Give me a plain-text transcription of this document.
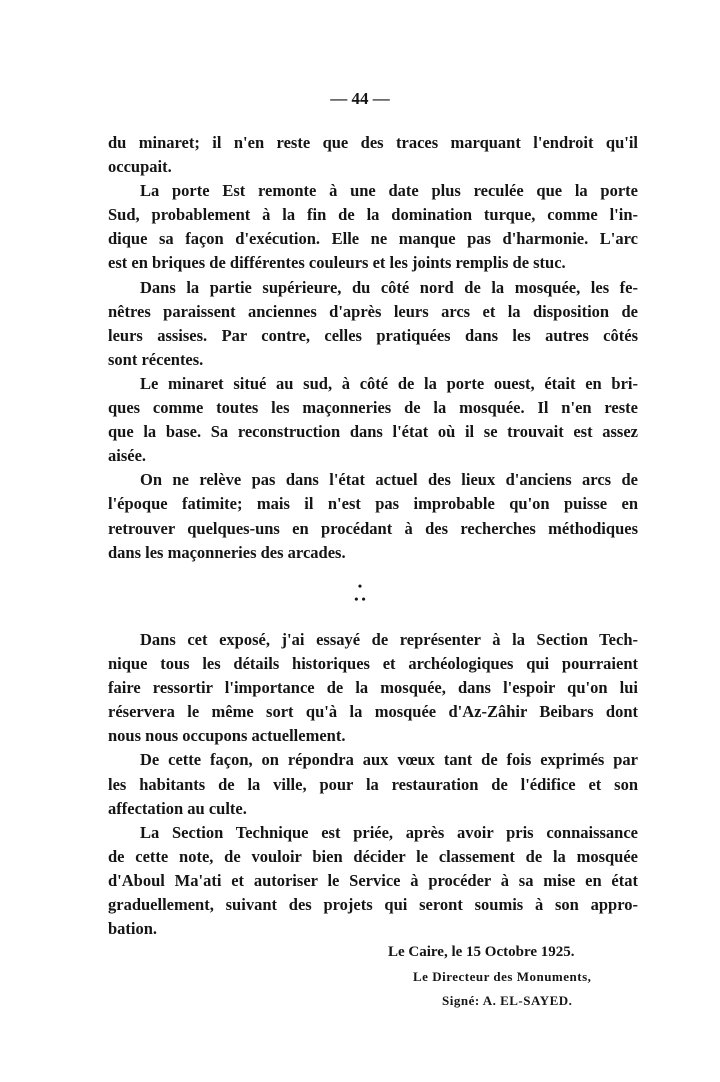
— 44 —
du minaret; il n'en reste que des traces marquant l'endroit qu'il
occupait.
La porte Est remonte à une date plus reculée que la porte
Sud, probablement à la fin de la domination turque, comme l'in-
dique sa façon d'exécution. Elle ne manque pas d'harmonie. L'arc
est en briques de différentes couleurs et les joints remplis de stuc.
Dans la partie supérieure, du côté nord de la mosquée, les fe-
nêtres paraissent anciennes d'après leurs arcs et la disposition de
leurs assises. Par contre, celles pratiquées dans les autres côtés
sont récentes.
Le minaret situé au sud, à côté de la porte ouest, était en bri-
ques comme toutes les maçonneries de la mosquée. Il n'en reste
que la base. Sa reconstruction dans l'état où il se trouvait est assez
aisée.
On ne relève pas dans l'état actuel des lieux d'anciens arcs de
l'époque fatimite; mais il n'est pas improbable qu'on puisse en
retrouver quelques-uns en procédant à des recherches méthodiques
dans les maçonneries des arcades.
•
• •
Dans cet exposé, j'ai essayé de représenter à la Section Tech-
nique tous les détails historiques et archéologiques qui pourraient
faire ressortir l'importance de la mosquée, dans l'espoir qu'on lui
réservera le même sort qu'à la mosquée d'Az-Zâhir Beibars dont
nous nous occupons actuellement.
De cette façon, on répondra aux vœux tant de fois exprimés par
les habitants de la ville, pour la restauration de l'édifice et son
affectation au culte.
La Section Technique est priée, après avoir pris connaissance
de cette note, de vouloir bien décider le classement de la mosquée
d'Aboul Ma'ati et autoriser le Service à procéder à sa mise en état
graduellement, suivant des projets qui seront soumis à son appro-
bation.
Le Caire, le 15 Octobre 1925.
Le Directeur des Monuments,
Signé: A. EL-SAYED.
